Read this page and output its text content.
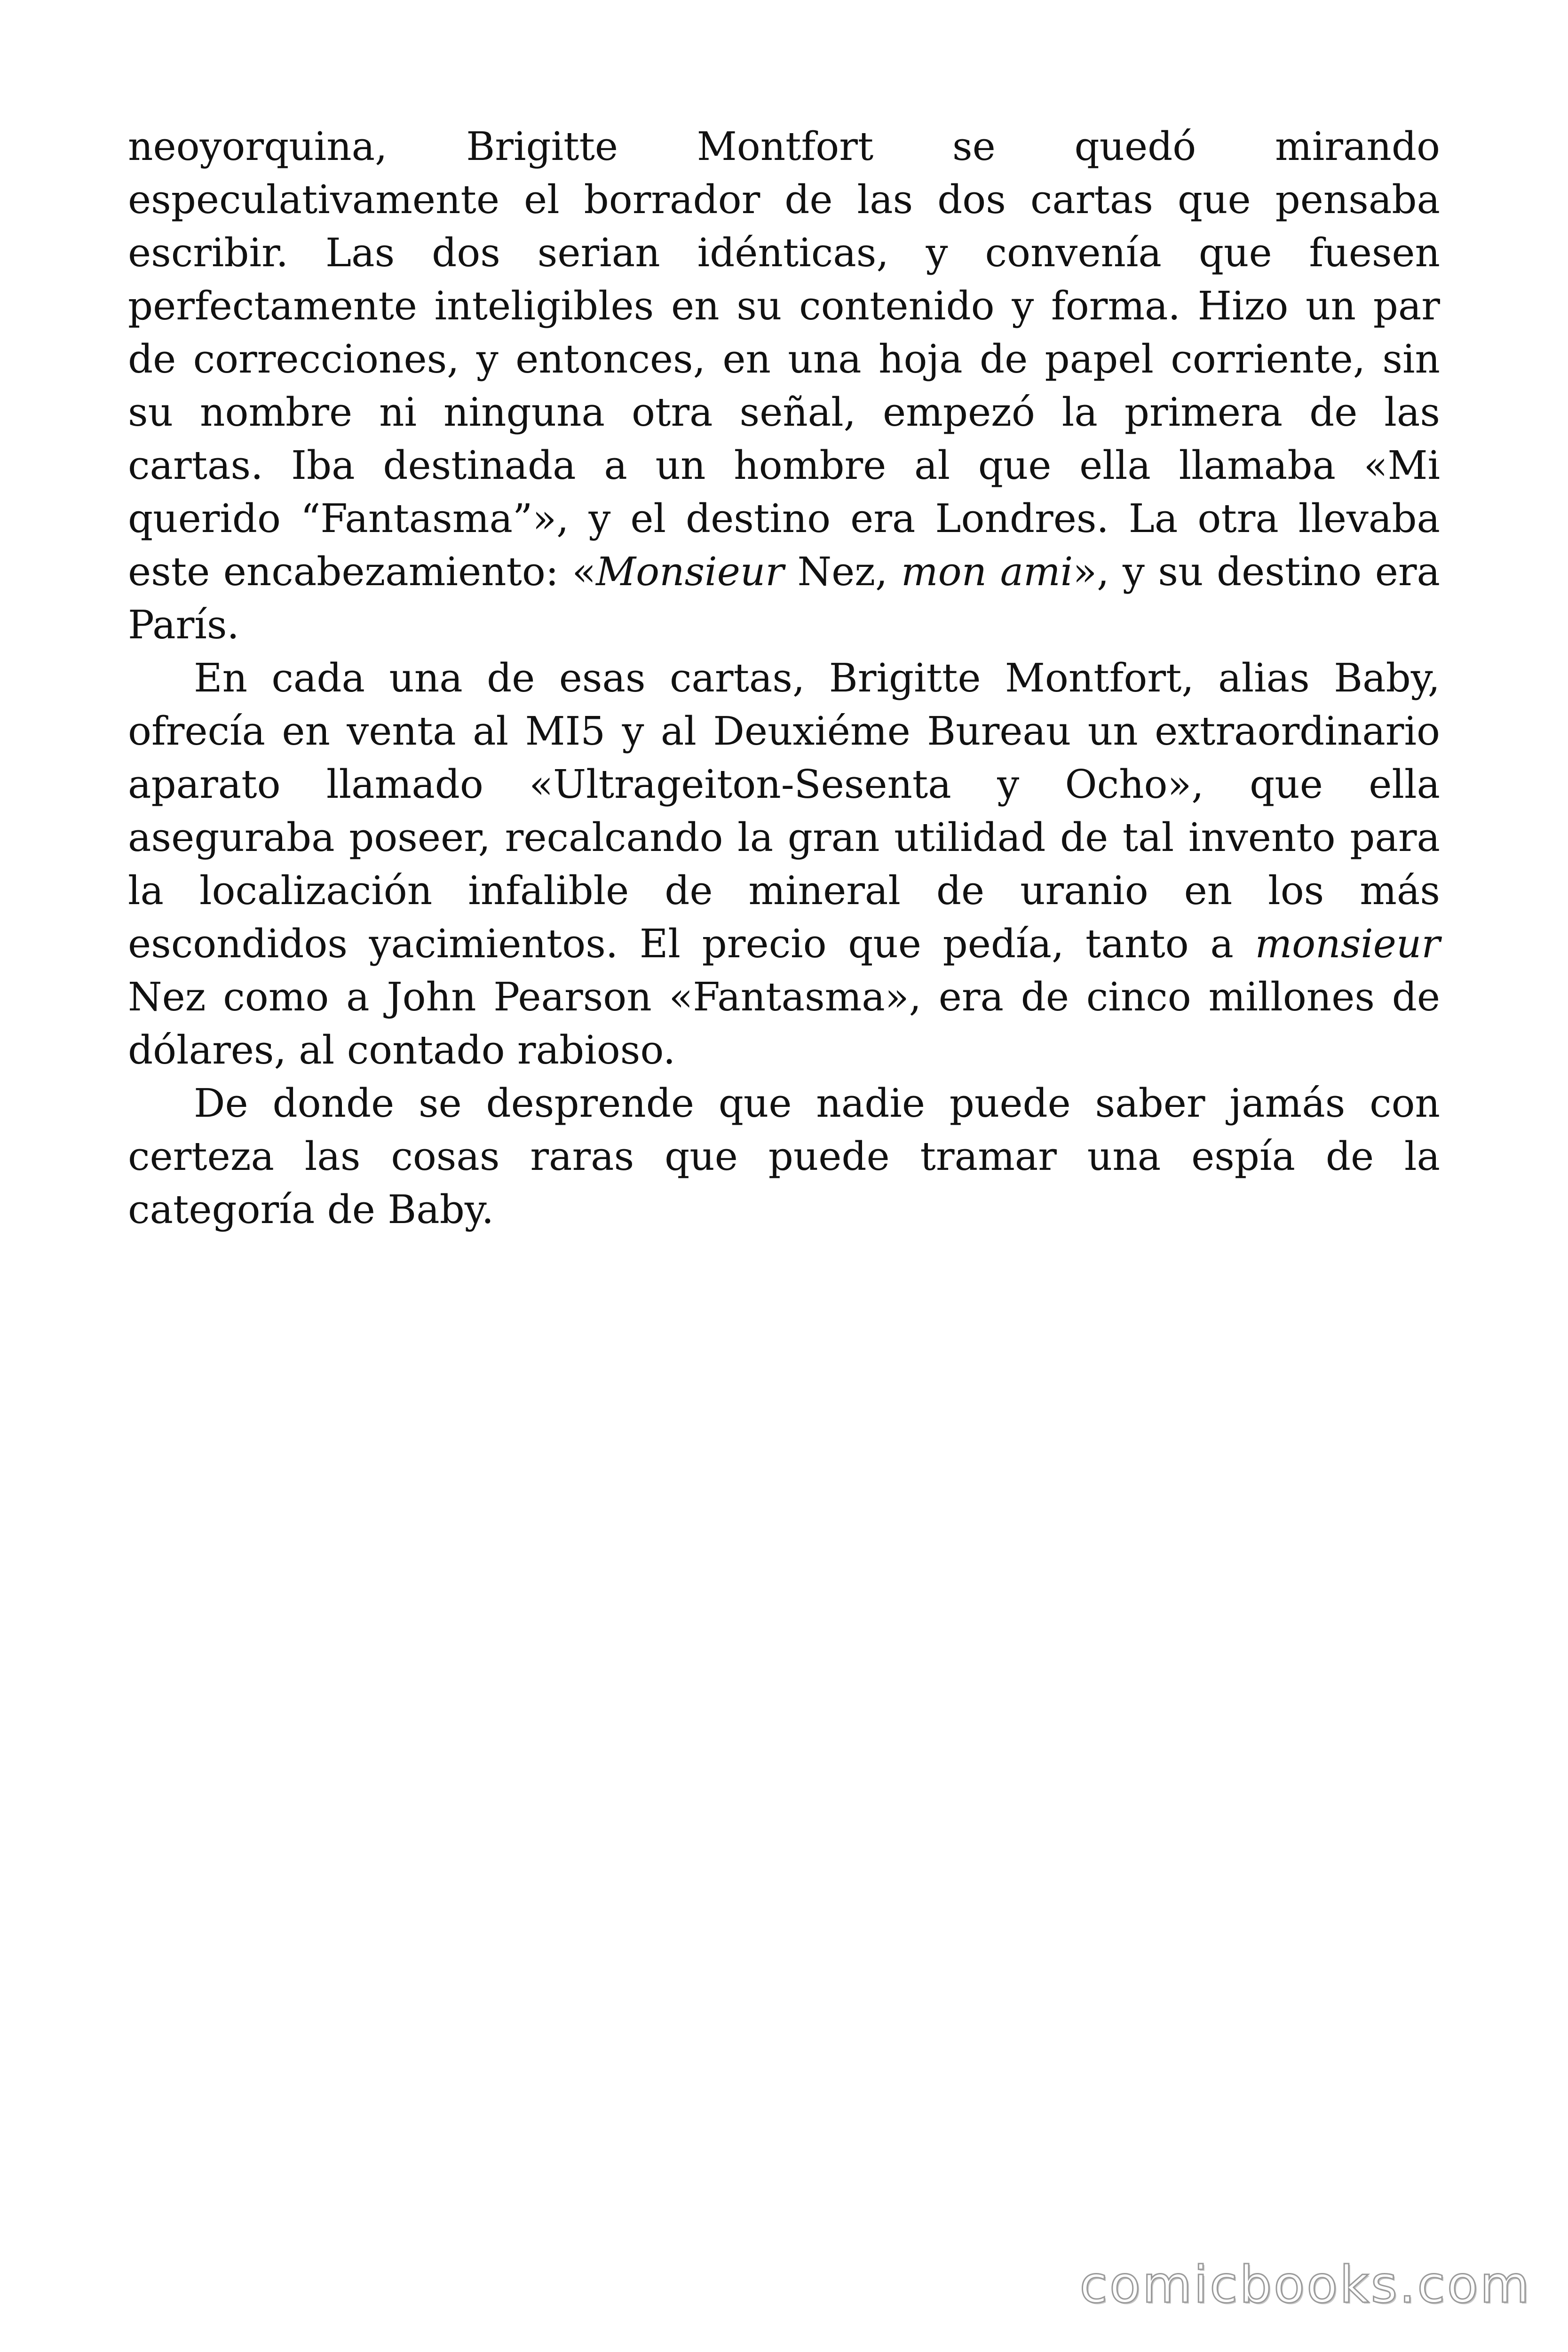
neoyorquina, Brigitte Montfort se quedó mirando especulativamente el borrador de las dos cartas que pensaba escribir. Las dos serian idénticas, y convenía que fuesen perfectamente inteligibles en su contenido y forma. Hizo un par de correcciones, y entonces, en una hoja de papel corriente, sin su nombre ni ninguna otra señal, empezó la primera de las cartas. Iba destinada a un hombre al que ella llamaba «Mi querido “Fantasma”», y el destino era Londres. La otra llevaba este encabezamiento: «Monsieur Nez, mon ami», y su destino era París.

En cada una de esas cartas, Brigitte Montfort, alias Baby, ofrecía en venta al MI5 y al Deuxiéme Bureau un extraordinario aparato llamado «Ultrageiton-Sesenta y Ocho», que ella aseguraba poseer, recalcando la gran utilidad de tal invento para la localización infalible de mineral de uranio en los más escondidos yacimientos. El precio que pedía, tanto a monsieur Nez como a John Pearson «Fantasma», era de cinco millones de dólares, al contado rabioso.

De donde se desprende que nadie puede saber jamás con certeza las cosas raras que puede tramar una espía de la categoría de Baby.

comicbooks.com
